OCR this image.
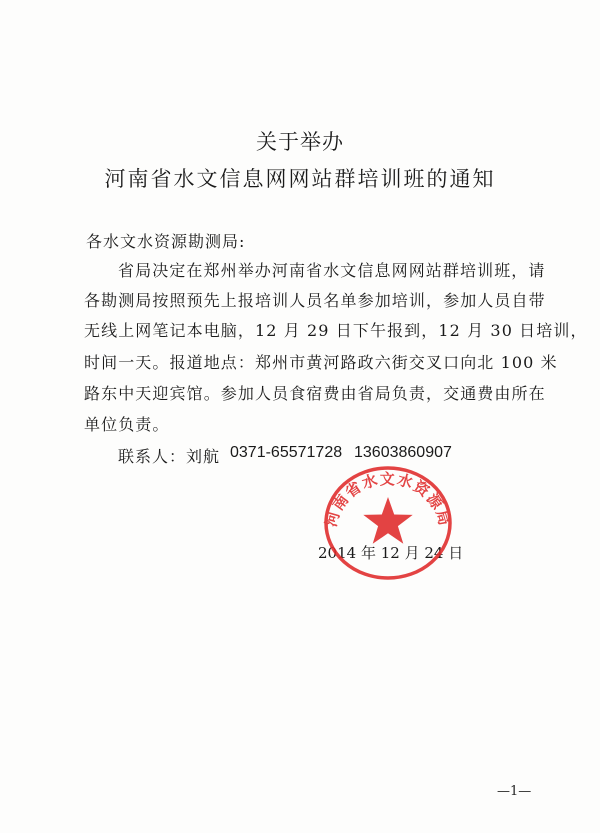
关于举办
河南省水文信息网网站群培训班的通知
各水文水资源勘测局:
省局决定在郑州举办河南省水文信息网网站群培训班，请
各勘测局按照预先上报培训人员名单参加培训，参加人员自带
无线上网笔记本电脑，12 月 29 日下午报到，12 月 30 日培训，
时间一天。报道地点：郑州市黄河路政六街交叉口向北 100 米
路东中天迎宾馆。参加人员食宿费由省局负责，交通费由所在
单位负责。
联系人：刘航 0371-65571728 13603860907
2014 年 12 月 24 日
河南省水文水资源局
—1—
